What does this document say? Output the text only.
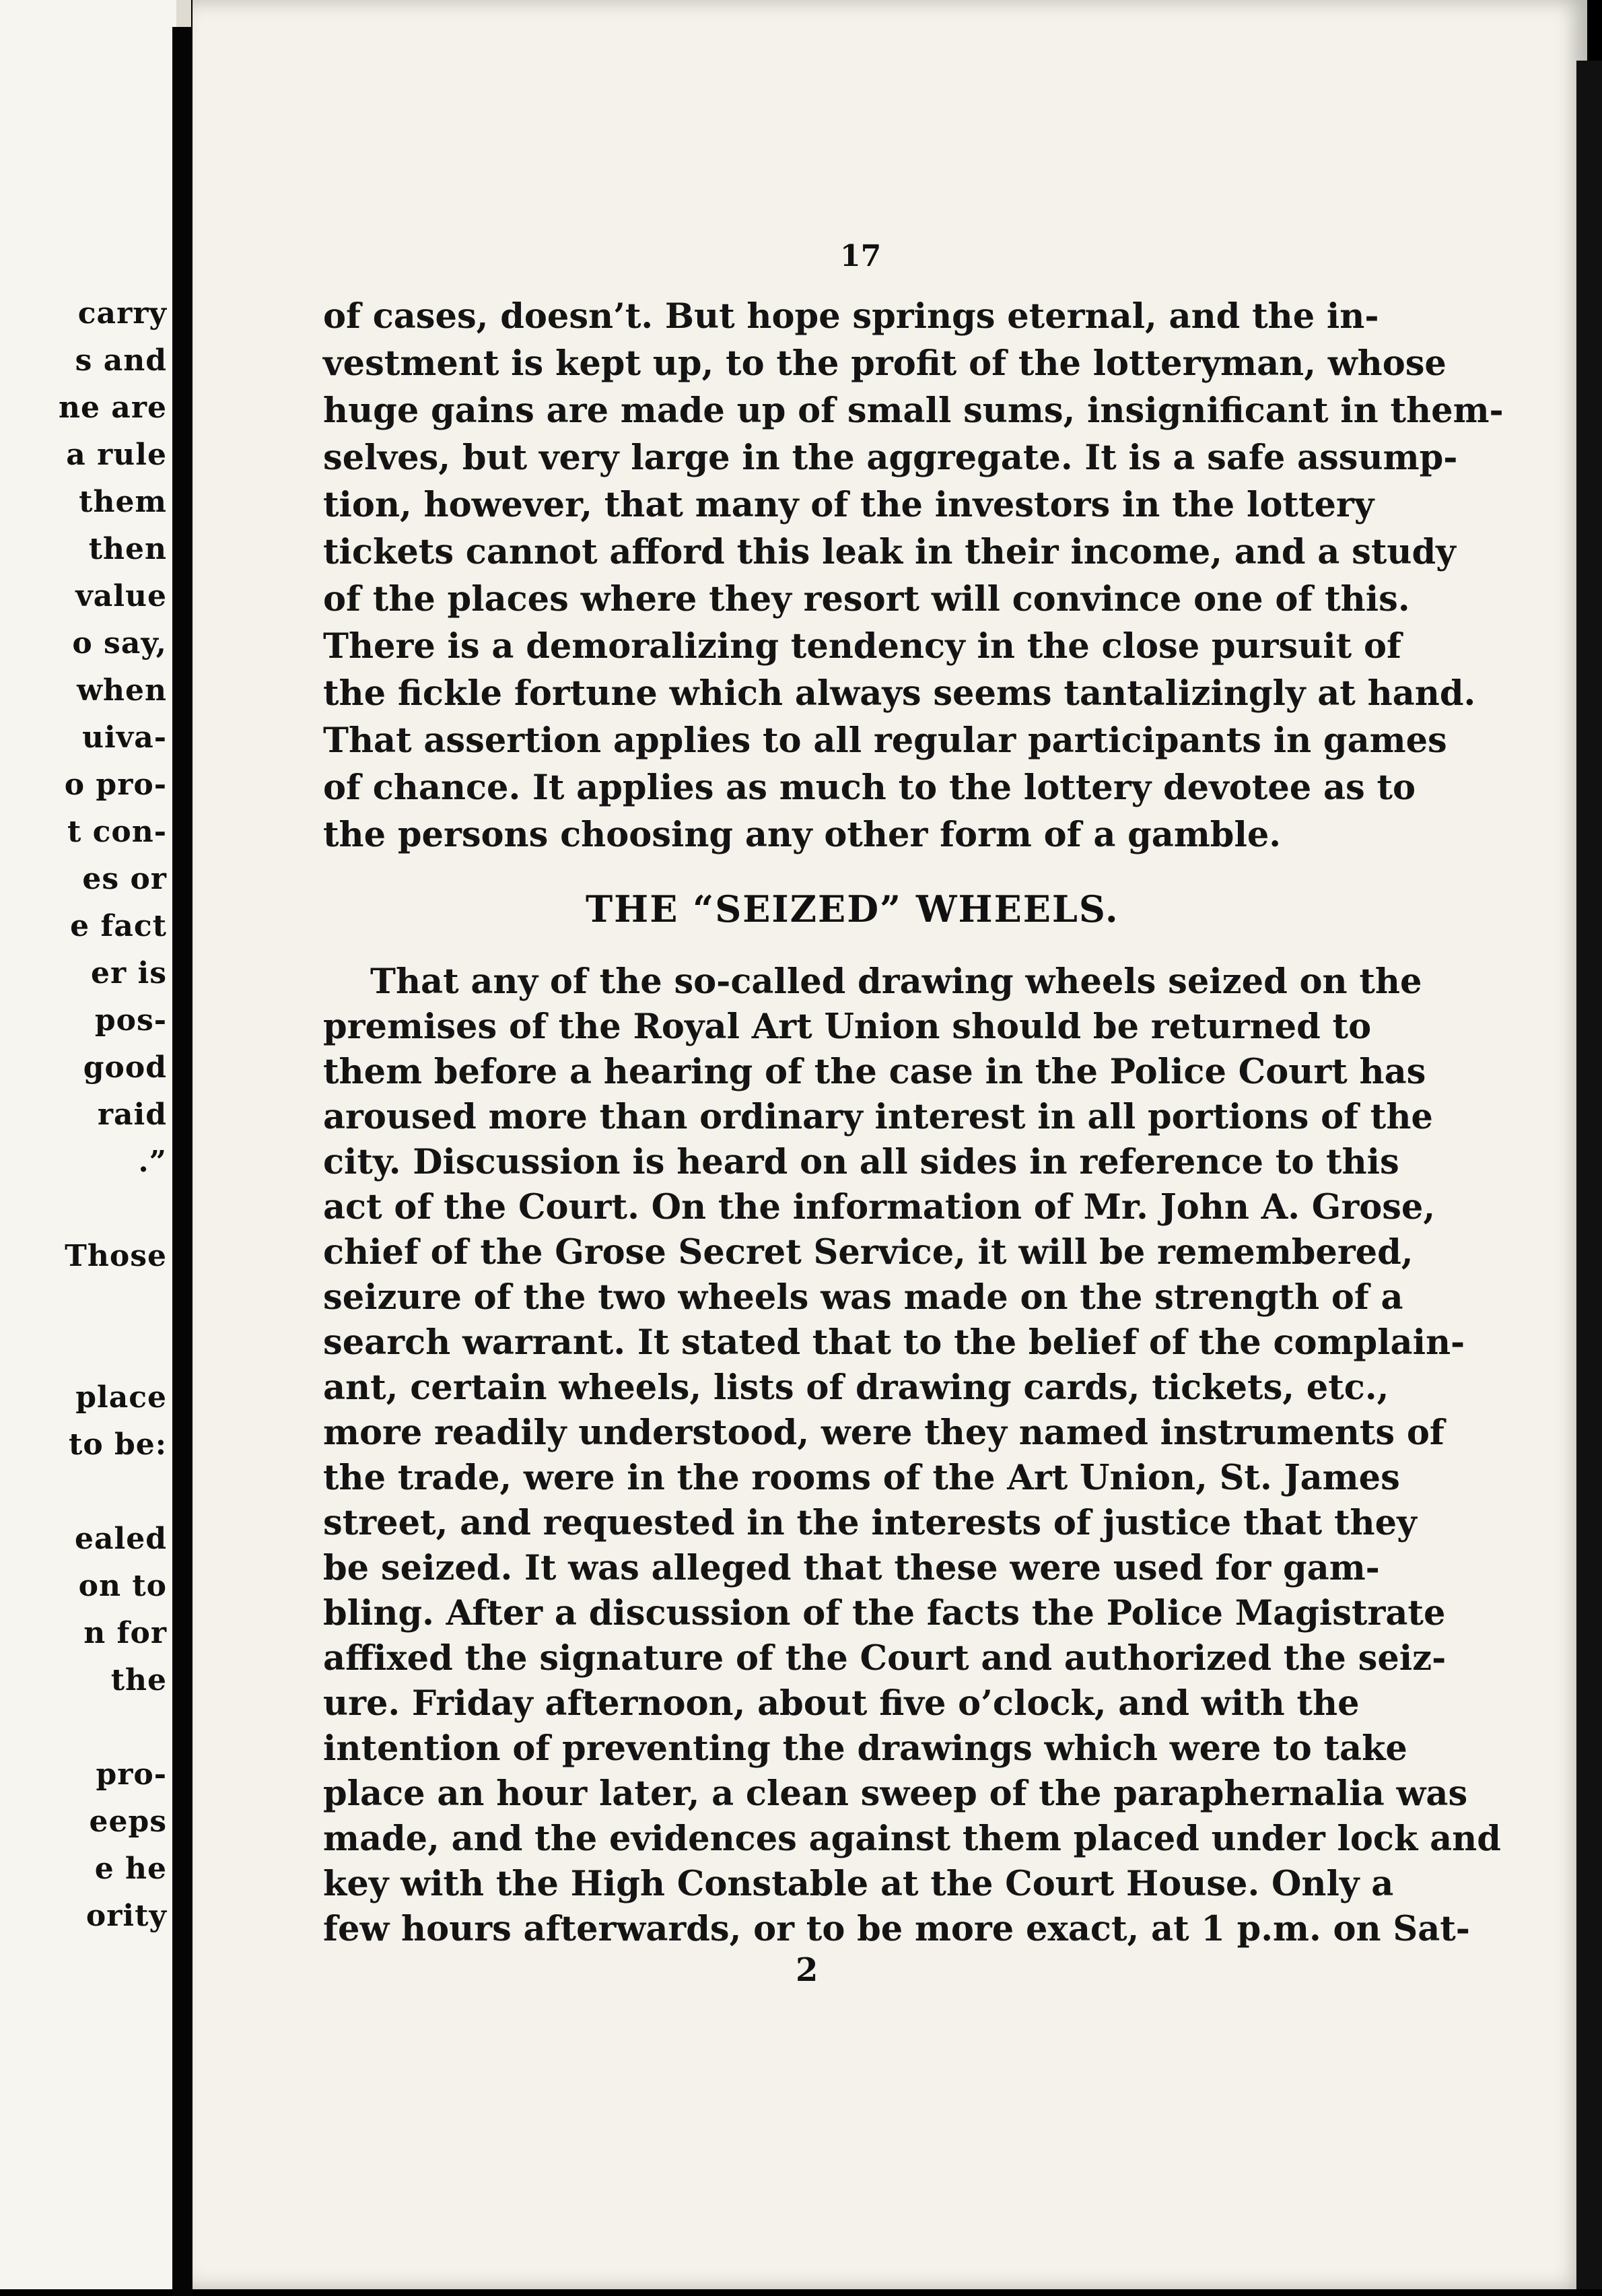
carry
s and
ne are
a rule
them
then
value
o say,
when
uiva-
o pro-
t con-
es or
e fact
er is
pos-
good
raid
.”
Those
place
to be:
ealed
on to
n for
the
pro-
eeps
e he
ority
17
of cases, doesn’t. But hope springs eternal, and the in-
vestment is kept up, to the profit of the lotteryman, whose
huge gains are made up of small sums, insignificant in them-
selves, but very large in the aggregate. It is a safe assump-
tion, however, that many of the investors in the lottery
tickets cannot afford this leak in their income, and a study
of the places where they resort will convince one of this.
There is a demoralizing tendency in the close pursuit of
the fickle fortune which always seems tantalizingly at hand.
That assertion applies to all regular participants in games
of chance. It applies as much to the lottery devotee as to
the persons choosing any other form of a gamble.
THE “SEIZED” WHEELS.
That any of the so-called drawing wheels seized on the
premises of the Royal Art Union should be returned to
them before a hearing of the case in the Police Court has
aroused more than ordinary interest in all portions of the
city. Discussion is heard on all sides in reference to this
act of the Court. On the information of Mr. John A. Grose,
chief of the Grose Secret Service, it will be remembered,
seizure of the two wheels was made on the strength of a
search warrant. It stated that to the belief of the complain-
ant, certain wheels, lists of drawing cards, tickets, etc.,
more readily understood, were they named instruments of
the trade, were in the rooms of the Art Union, St. James
street, and requested in the interests of justice that they
be seized. It was alleged that these were used for gam-
bling. After a discussion of the facts the Police Magistrate
affixed the signature of the Court and authorized the seiz-
ure. Friday afternoon, about five o’clock, and with the
intention of preventing the drawings which were to take
place an hour later, a clean sweep of the paraphernalia was
made, and the evidences against them placed under lock and
key with the High Constable at the Court House. Only a
few hours afterwards, or to be more exact, at 1 p.m. on Sat-
2
